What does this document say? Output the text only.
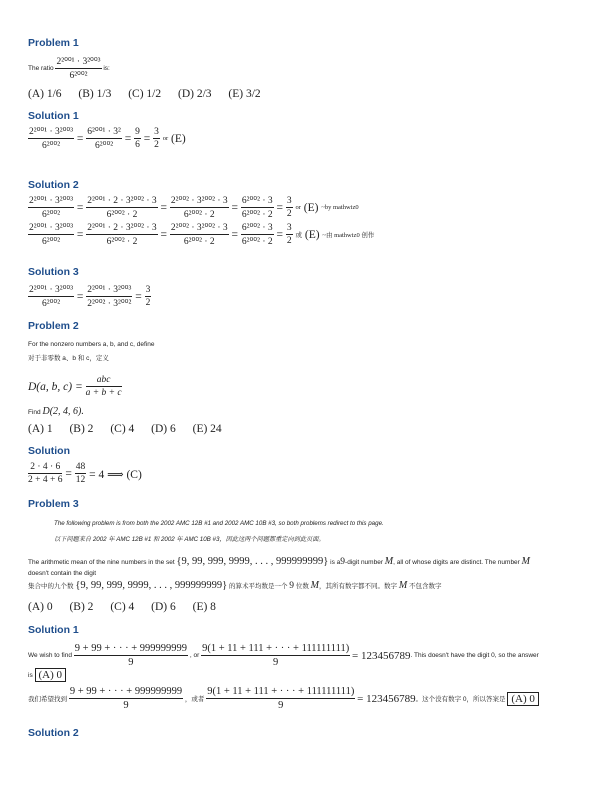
Problem 1
The ratio $\frac{\text{2²⁰⁰¹ · 3²⁰⁰³}}{\text{6²⁰⁰²}}$ is:
(A) 1/6 (B) 1/3 (C) 1/2 (D) 2/3 (E) 3/2
Solution 1
$\frac{\text{2²⁰⁰¹ · 3²⁰⁰³}}{\text{6²⁰⁰²}} = \frac{\text{6²⁰⁰¹ · 3²}}{\text{6²⁰⁰²}} = \frac{9}{6} = \frac{3}{2}$ or (E)
Solution 2
$\frac{\text{2²⁰⁰¹ · 3²⁰⁰³}}{\text{6²⁰⁰²}} = \frac{\text{2²⁰⁰¹ · 2 · 3²⁰⁰² · 3}}{\text{6²⁰⁰² · 2}} = \frac{\text{2²⁰⁰² · 3²⁰⁰² · 3}}{\text{6²⁰⁰² · 2}} = \frac{\text{6²⁰⁰² · 3}}{\text{6²⁰⁰² · 2}} = \frac{3}{2}$ or (E) ~by mathwiz0
$\frac{\text{2²⁰⁰¹ · 3²⁰⁰³}}{\text{6²⁰⁰²}} = \frac{\text{2²⁰⁰¹ · 2 · 3²⁰⁰² · 3}}{\text{6²⁰⁰² · 2}} = \frac{\text{2²⁰⁰² · 3²⁰⁰² · 3}}{\text{6²⁰⁰² · 2}} = \frac{\text{6²⁰⁰² · 3}}{\text{6²⁰⁰² · 2}} = \frac{3}{2}$ 或 (E) ~由 mathwiz0 创作
Solution 3
$\frac{\text{2²⁰⁰¹ · 3²⁰⁰³}}{\text{6²⁰⁰²}} = \frac{\text{2²⁰⁰¹ · 3²⁰⁰³}}{\text{2²⁰⁰² · 3²⁰⁰²}} = \frac{3}{2}$
Problem 2
For the nonzero numbers a, b, and c, define
对于非零数 a、b 和 c，定义
D(a, b, $c) = \frac{\text{abc}}{a + b + c}$
Find D(2, 4, 6).
(A) 1 (B) 2 (C) 4 (D) 6 (E) 24
Solution
$\frac{2 \cdot 4 \cdot 6}{2 + 4 + 6} = \frac{48}{12} = 4$ ⟹ (C)
Problem 3
The following problem is from both the 2002 AMC 12B #1 and 2002 AMC 10B #3, so both problems redirect to this page.
以下问题来自 2002 年 AMC 12B #1 和 2002 年 AMC 10B #3，因此这两个问题都重定向到此页面。
The arithmetic mean of the nine numbers in the set {9, 99, 999, 9999, . . . , 999999999} is a9-digit number M, all of whose digits are distinct. The number M
doesn't contain the digit
集合中的九个数 {9, 99, 999, 9999, . . . , 999999999} 的算术平均数是一个 9 位数 M，其所有数字都不同。数字 M 不包含数字
(A) 0 (B) 2 (C) 4 (D) 6 (E) 8
Solution 1
We wish to find $\frac{9 + 99 + \cdot \cdot \cdot + 999999999}{9}$ , or $\frac{9(1 + 11 + 111 + \cdot \cdot \cdot + 111111111)}{9} = 123456789$. This doesn't have the digit 0, so the answer
is (A) 0
我们希望找到 $\frac{9 + 99 + \cdot \cdot \cdot + 999999999}{9}$ ，或者 $\frac{9(1 + 11 + 111 + \cdot \cdot \cdot + 111111111)}{9} = 123456789$。这个没有数字 0，所以答案是 (A) 0
Solution 2
